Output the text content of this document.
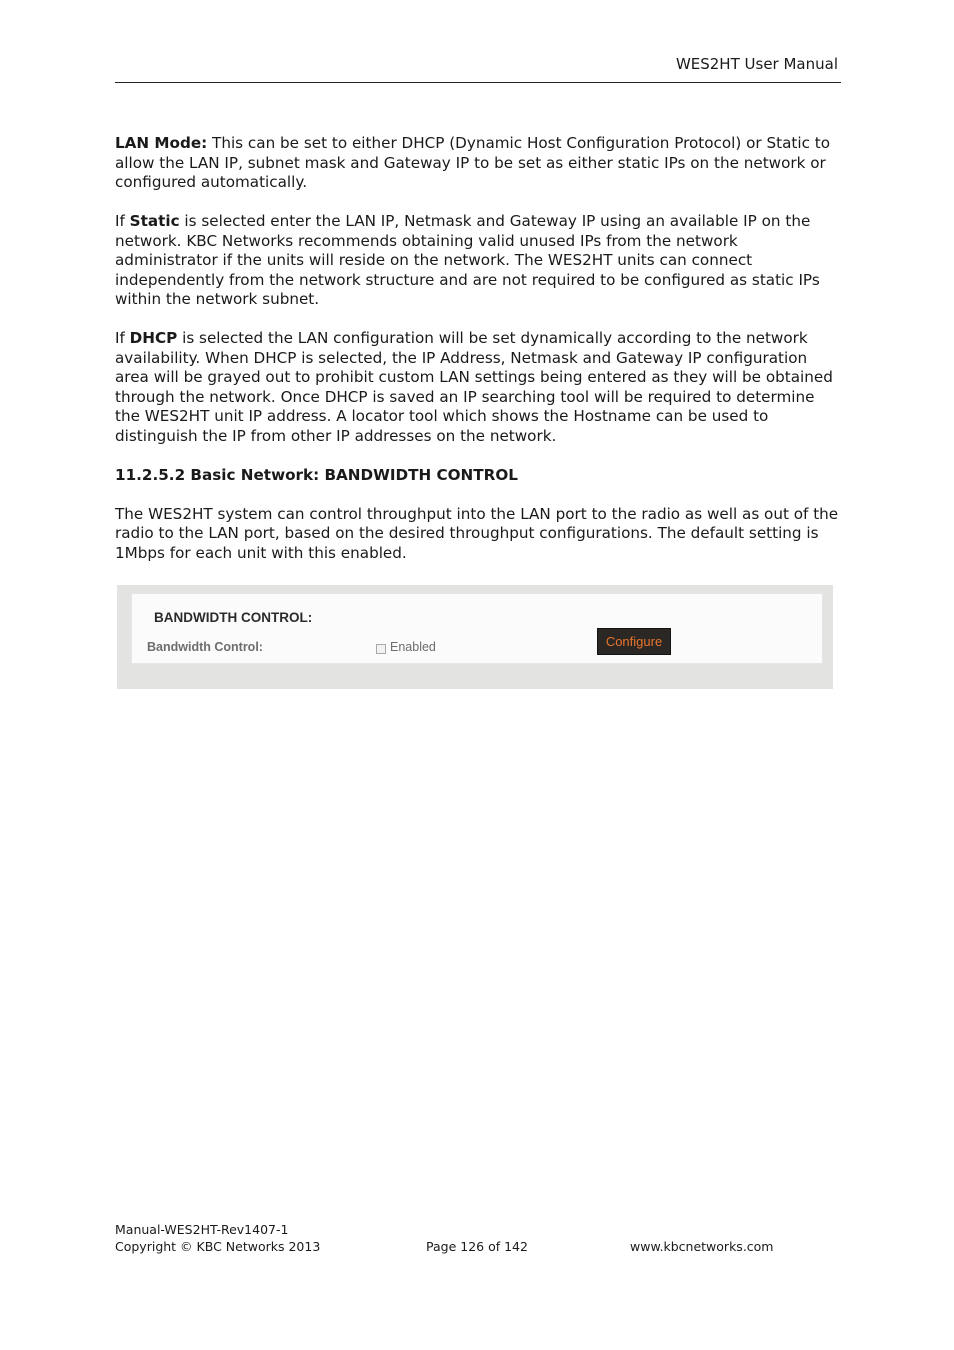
WES2HT User Manual

LAN Mode: This can be set to either DHCP (Dynamic Host Configuration Protocol) or Static to allow the LAN IP, subnet mask and Gateway IP to be set as either static IPs on the network or configured automatically.

If Static is selected enter the LAN IP, Netmask and Gateway IP using an available IP on the network. KBC Networks recommends obtaining valid unused IPs from the network administrator if the units will reside on the network. The WES2HT units can connect independently from the network structure and are not required to be configured as static IPs within the network subnet.

If DHCP is selected the LAN configuration will be set dynamically according to the network availability. When DHCP is selected, the IP Address, Netmask and Gateway IP configuration area will be grayed out to prohibit custom LAN settings being entered as they will be obtained through the network. Once DHCP is saved an IP searching tool will be required to determine the WES2HT unit IP address. A locator tool which shows the Hostname can be used to distinguish the IP from other IP addresses on the network.

11.2.5.2 Basic Network: BANDWIDTH CONTROL

The WES2HT system can control throughput into the LAN port to the radio as well as out of the radio to the LAN port, based on the desired throughput configurations. The default setting is 1Mbps for each unit with this enabled.

BANDWIDTH CONTROL:
Bandwidth Control:	Enabled	Configure
Manual-WES2HT-Rev1407-1
Copyright © KBC Networks 2013	Page 126 of 142	www.kbcnetworks.com
